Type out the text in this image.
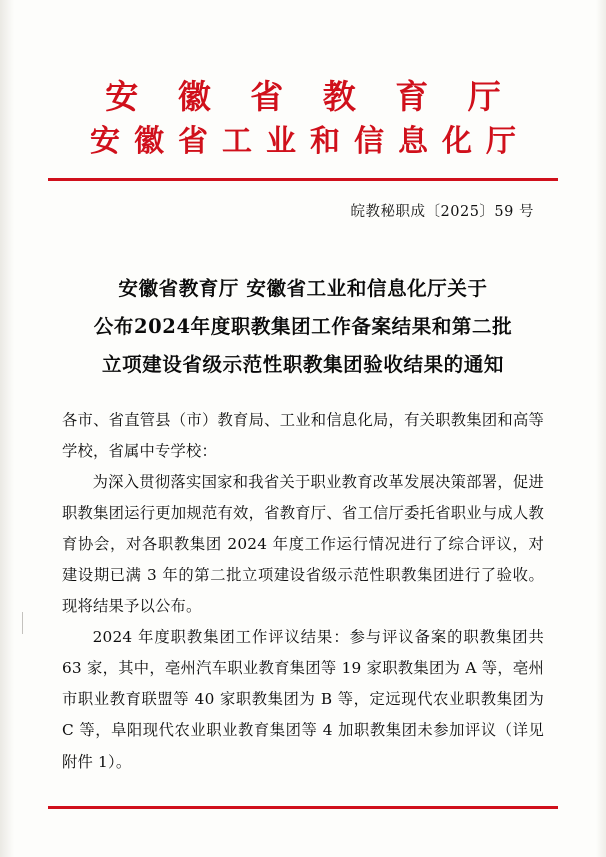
安 徽 省 教 育 厅
安徽省工业和信息化厅
皖教秘职成〔2025〕59 号
安徽省教育厅 安徽省工业和信息化厅关于
公布2024年度职教集团工作备案结果和第二批
立项建设省级示范性职教集团验收结果的通知

各市、省直管县（市）教育局、工业和信息化局，有关职教集团和高等学校，省属中专学校：

为深入贯彻落实国家和我省关于职业教育改革发展决策部署，促进职教集团运行更加规范有效，省教育厅、省工信厅委托省职业与成人教育协会，对各职教集团 2024 年度工作运行情况进行了综合评议，对建设期已满 3 年的第二批立项建设省级示范性职教集团进行了验收。现将结果予以公布。

2024 年度职教集团工作评议结果：参与评议备案的职教集团共 63 家，其中，亳州汽车职业教育集团等 19 家职教集团为 A 等，亳州市职业教育联盟等 40 家职教集团为 B 等，定远现代农业职教集团为 C 等，阜阳现代农业职业教育集团等 4 加职教集团未参加评议（详见附件 1）。
